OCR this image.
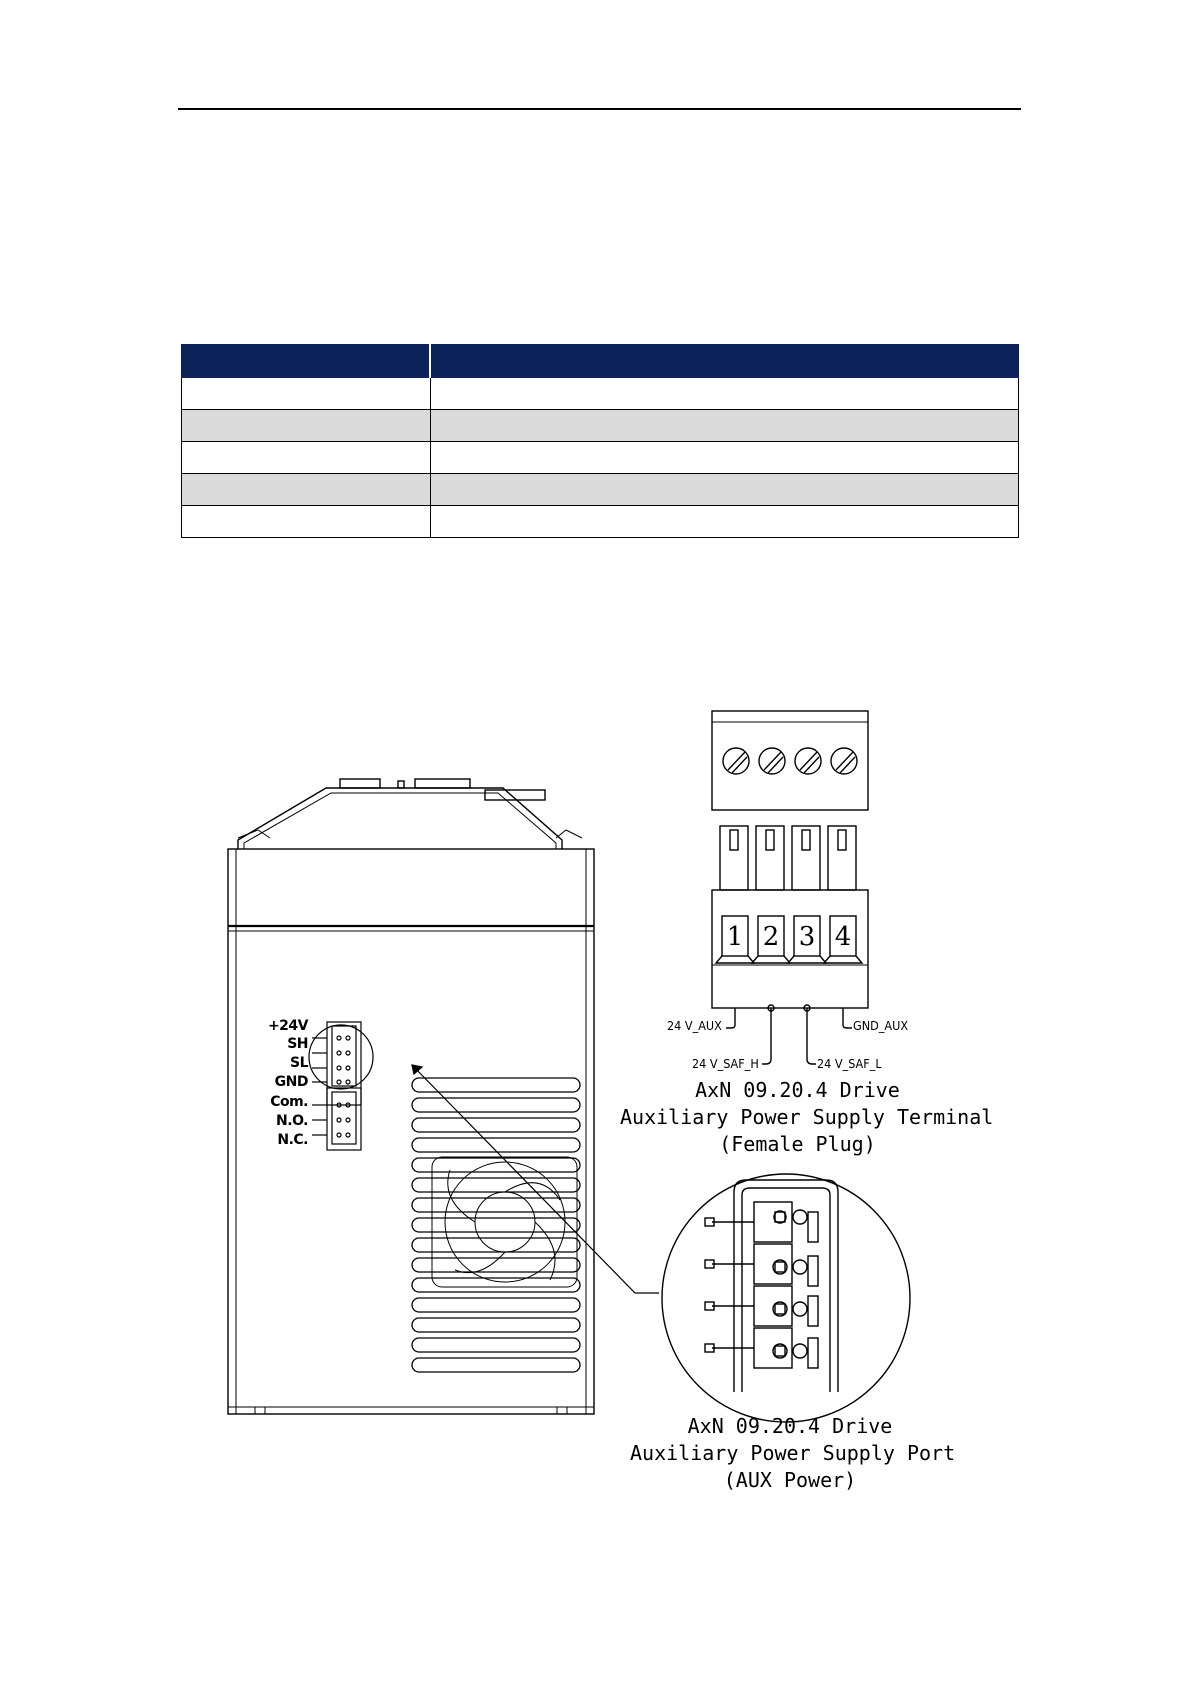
1 2 3 4
+24V
SH
SL
GND
Com.
N.O.
N.C.
24 V_AUX	GND_AUX
24 V_SAF_H	24 V_SAF_L
AxN 09.20.4 Drive
Auxiliary Power Supply Terminal
(Female Plug)
AxN 09.20.4 Drive
Auxiliary Power Supply Port
(AUX Power)
